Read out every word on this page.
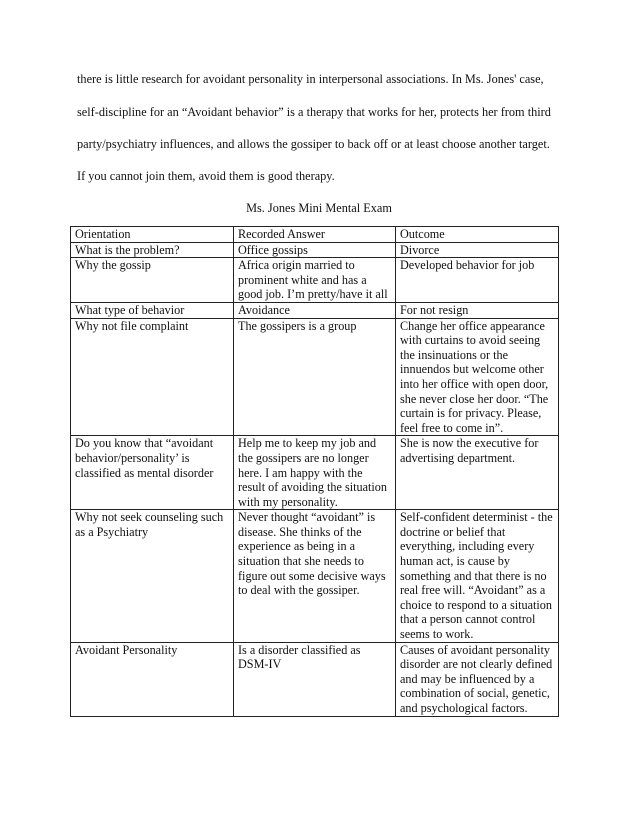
there is little research for avoidant personality in interpersonal associations. In Ms. Jones' case,
self-discipline for an “Avoidant behavior” is a therapy that works for her, protects her from third
party/psychiatry influences, and allows the gossiper to back off or at least choose another target.
If you cannot join them, avoid them is good therapy.
Ms. Jones Mini Mental Exam
Orientation	Recorded Answer	Outcome
What is the problem?	Office gossips	Divorce
Why the gossip	Africa origin married to prominent white and has a good job. I’m pretty/have it all	Developed behavior for job
What type of behavior	Avoidance	For not resign
Why not file complaint	The gossipers is a group	Change her office appearance with curtains to avoid seeing the insinuations or the innuendos but welcome other into her office with open door, she never close her door. “The curtain is for privacy. Please, feel free to come in”.
Do you know that “avoidant behavior/personality’ is classified as mental disorder	Help me to keep my job and the gossipers are no longer here. I am happy with the result of avoiding the situation with my personality.	She is now the executive for advertising department.
Why not seek counseling such as a Psychiatry	Never thought “avoidant” is disease. She thinks of the experience as being in a situation that she needs to figure out some decisive ways to deal with the gossiper.	Self-confident determinist - the doctrine or belief that everything, including every human act, is cause by something and that there is no real free will. “Avoidant” as a choice to respond to a situation that a person cannot control seems to work.
Avoidant Personality	Is a disorder classified as DSM-IV	Causes of avoidant personality disorder are not clearly defined and may be influenced by a combination of social, genetic, and psychological factors.
